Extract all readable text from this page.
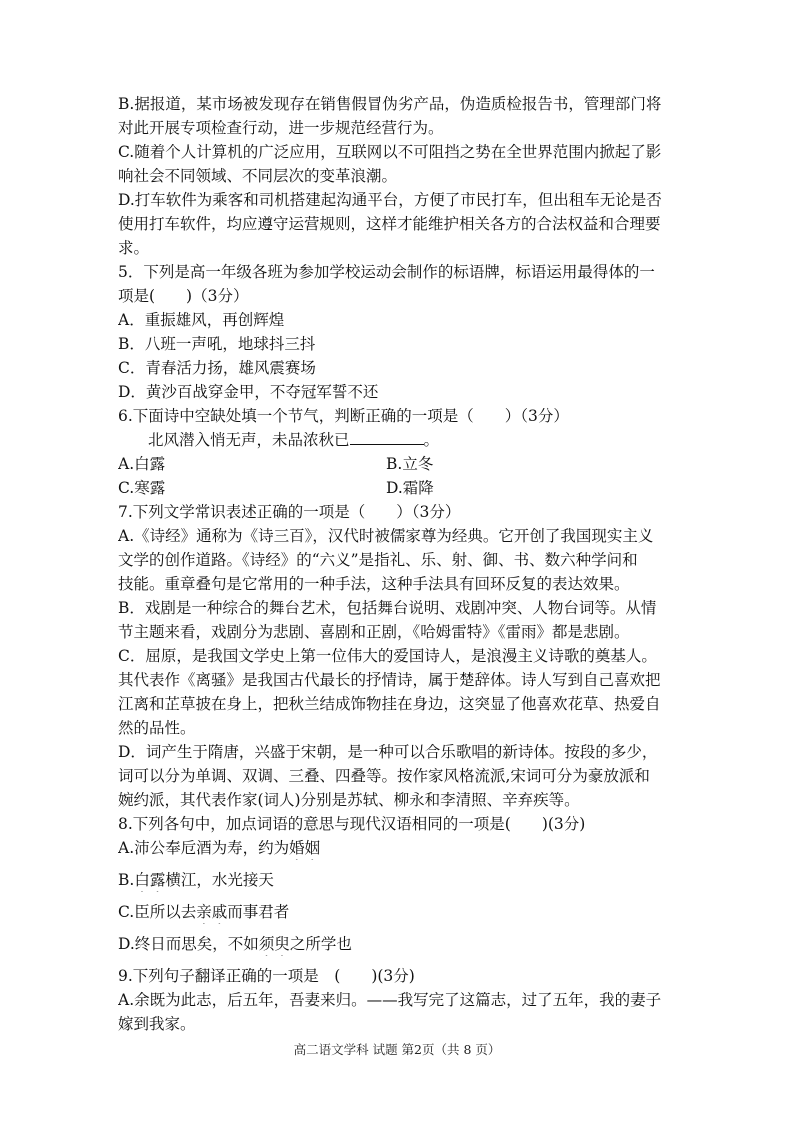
B.据报道，某市场被发现存在销售假冒伪劣产品，伪造质检报告书，管理部门将
对此开展专项检查行动，进一步规范经营行为。
C.随着个人计算机的广泛应用，互联网以不可阻挡之势在全世界范围内掀起了影
响社会不同领域、不同层次的变革浪潮。
D.打车软件为乘客和司机搭建起沟通平台，方便了市民打车，但出租车无论是否
使用打车软件，均应遵守运营规则，这样才能维护相关各方的合法权益和合理要
求。
5．下列是高一年级各班为参加学校运动会制作的标语牌，标语运用最得体的一
项是(　　)（3分）
A．重振雄风，再创辉煌
B．八班一声吼，地球抖三抖
C．青春活力扬，雄风震赛场
D．黄沙百战穿金甲，不夺冠军誓不还
6.下面诗中空缺处填一个节气，判断正确的一项是（　　）（3分）
北风潜入悄无声，未品浓秋已	。
A.白露	B.立冬
C.寒露	D.霜降
7.下列文学常识表述正确的一项是（　　）（3分）
A.《诗经》通称为《诗三百》，汉代时被儒家尊为经典。它开创了我国现实主义
文学的创作道路。《诗经》的“六义”是指礼、乐、射、御、书、数六种学问和
技能。重章叠句是它常用的一种手法，这种手法具有回环反复的表达效果。
B．戏剧是一种综合的舞台艺术，包括舞台说明、戏剧冲突、人物台词等。从情
节主题来看，戏剧分为悲剧、喜剧和正剧，《哈姆雷特》《雷雨》都是悲剧。
C．屈原，是我国文学史上第一位伟大的爱国诗人，是浪漫主义诗歌的奠基人。
其代表作《离骚》是我国古代最长的抒情诗，属于楚辞体。诗人写到自己喜欢把
江离和芷草披在身上，把秋兰结成饰物挂在身边，这突显了他喜欢花草、热爱自
然的品性。
D．词产生于隋唐，兴盛于宋朝，是一种可以合乐歌唱的新诗体。按段的多少，
词可以分为单调、双调、三叠、四叠等。按作家风格流派,宋词可分为豪放派和
婉约派，其代表作家(词人)分别是苏轼、柳永和李清照、辛弃疾等。
8.下列各句中，加点词语的意思与现代汉语相同的一项是(　　)(3分)
A.沛公奉卮酒为寿，约为婚姻
B.白露横江，水光接天
C.臣所以去亲戚而事君者
D.终日而思矣，不如须臾之所学也
9.下列句子翻译正确的一项是　(　　)(3分)
A.余既为此志，后五年，吾妻来归。——我写完了这篇志，过了五年，我的妻子
嫁到我家。
高二语文学科 试题 第2页（共 8 页）
